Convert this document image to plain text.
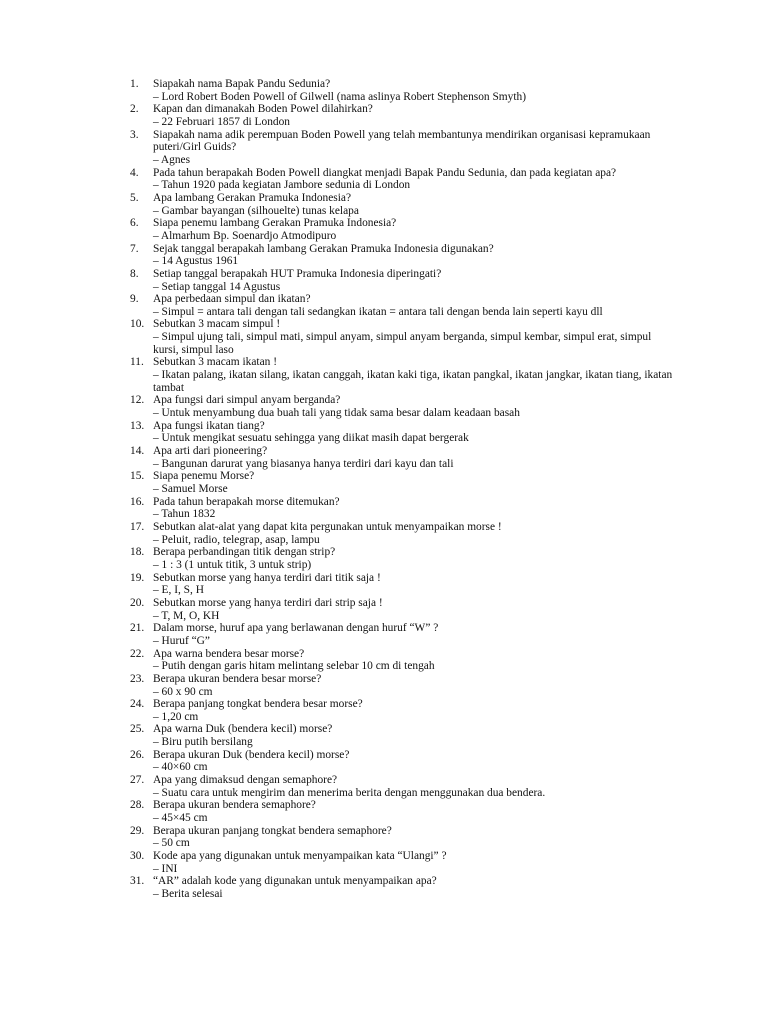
1. Siapakah nama Bapak Pandu Sedunia?
– Lord Robert Boden Powell of Gilwell (nama aslinya Robert Stephenson Smyth)
2. Kapan dan dimanakah Boden Powel dilahirkan?
– 22 Februari 1857 di London
3. Siapakah nama adik perempuan Boden Powell yang telah membantunya mendirikan organisasi kepramukaan puteri/Girl Guids?
– Agnes
4. Pada tahun berapakah Boden Powell diangkat menjadi Bapak Pandu Sedunia, dan pada kegiatan apa?
– Tahun 1920 pada kegiatan Jambore sedunia di London
5. Apa lambang Gerakan Pramuka Indonesia?
– Gambar bayangan (silhouelte) tunas kelapa
6. Siapa penemu lambang Gerakan Pramuka Indonesia?
– Almarhum Bp. Soenardjo Atmodipuro
7. Sejak tanggal berapakah lambang Gerakan Pramuka Indonesia digunakan?
– 14 Agustus 1961
8. Setiap tanggal berapakah HUT Pramuka Indonesia diperingati?
– Setiap tanggal 14 Agustus
9. Apa perbedaan simpul dan ikatan?
– Simpul = antara tali dengan tali sedangkan ikatan = antara tali dengan benda lain seperti kayu dll
10. Sebutkan 3 macam simpul !
– Simpul ujung tali, simpul mati, simpul anyam, simpul anyam berganda, simpul kembar, simpul erat, simpul kursi, simpul laso
11. Sebutkan 3 macam ikatan !
– Ikatan palang, ikatan silang, ikatan canggah, ikatan kaki tiga, ikatan pangkal, ikatan jangkar, ikatan tiang, ikatan tambat
12. Apa fungsi dari simpul anyam berganda?
– Untuk menyambung dua buah tali yang tidak sama besar dalam keadaan basah
13. Apa fungsi ikatan tiang?
– Untuk mengikat sesuatu sehingga yang diikat masih dapat bergerak
14. Apa arti dari pioneering?
– Bangunan darurat yang biasanya hanya terdiri dari kayu dan tali
15. Siapa penemu Morse?
– Samuel Morse
16. Pada tahun berapakah morse ditemukan?
– Tahun 1832
17. Sebutkan alat-alat yang dapat kita pergunakan untuk menyampaikan morse !
– Peluit, radio, telegrap, asap, lampu
18. Berapa perbandingan titik dengan strip?
– 1 : 3 (1 untuk titik, 3 untuk strip)
19. Sebutkan morse yang hanya terdiri dari titik saja !
– E, I, S, H
20. Sebutkan morse yang hanya terdiri dari strip saja !
– T, M, O, KH
21. Dalam morse, huruf apa yang berlawanan dengan huruf “W” ?
– Huruf “G”
22. Apa warna bendera besar morse?
– Putih dengan garis hitam melintang selebar 10 cm di tengah
23. Berapa ukuran bendera besar morse?
– 60 x 90 cm
24. Berapa panjang tongkat bendera besar morse?
– 1,20 cm
25. Apa warna Duk (bendera kecil) morse?
– Biru putih bersilang
26. Berapa ukuran Duk (bendera kecil) morse?
– 40×60 cm
27. Apa yang dimaksud dengan semaphore?
– Suatu cara untuk mengirim dan menerima berita dengan menggunakan dua bendera.
28. Berapa ukuran bendera semaphore?
– 45×45 cm
29. Berapa ukuran panjang tongkat bendera semaphore?
– 50 cm
30. Kode apa yang digunakan untuk menyampaikan kata “Ulangi” ?
– INI
31. “AR” adalah kode yang digunakan untuk menyampaikan apa?
– Berita selesai
